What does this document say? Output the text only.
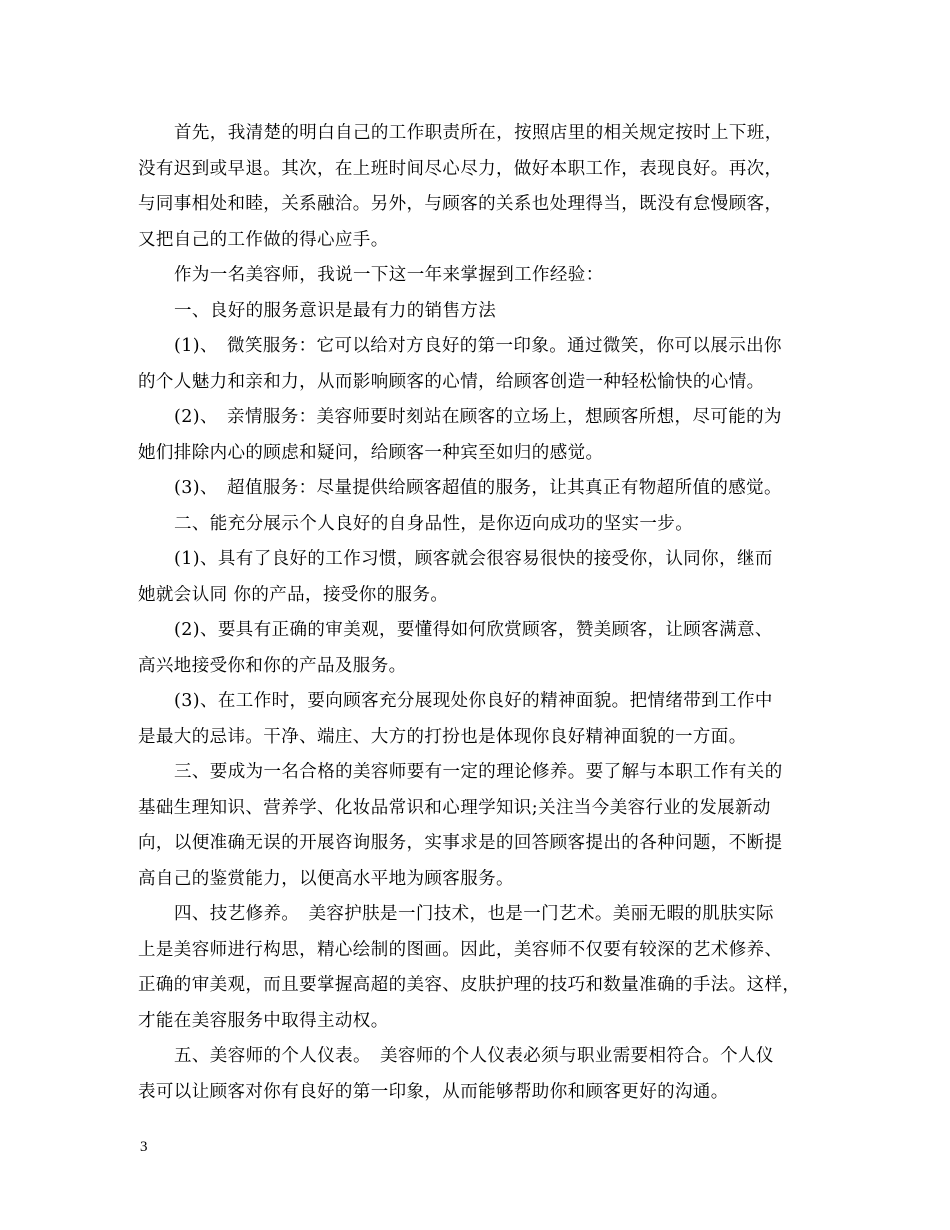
首先，我清楚的明白自己的工作职责所在，按照店里的相关规定按时上下班，
没有迟到或早退。其次，在上班时间尽心尽力，做好本职工作，表现良好。再次，
与同事相处和睦，关系融洽。另外，与顾客的关系也处理得当，既没有怠慢顾客，
又把自己的工作做的得心应手。
作为一名美容师，我说一下这一年来掌握到工作经验：
一、良好的服务意识是最有力的销售方法
(1)、　微笑服务：它可以给对方良好的第一印象。通过微笑，你可以展示出你
的个人魅力和亲和力，从而影响顾客的心情，给顾客创造一种轻松愉快的心情。
(2)、　亲情服务：美容师要时刻站在顾客的立场上，想顾客所想，尽可能的为
她们排除内心的顾虑和疑问，给顾客一种宾至如归的感觉。
(3)、　超值服务：尽量提供给顾客超值的服务，让其真正有物超所值的感觉。
二、能充分展示个人良好的自身品性，是你迈向成功的坚实一步。
(1)、具有了良好的工作习惯，顾客就会很容易很快的接受你，认同你，继而
她就会认同 你的产品，接受你的服务。
(2)、要具有正确的审美观，要懂得如何欣赏顾客，赞美顾客，让顾客满意、
高兴地接受你和你的产品及服务。
(3)、在工作时，要向顾客充分展现处你良好的精神面貌。把情绪带到工作中
是最大的忌讳。干净、端庄、大方的打扮也是体现你良好精神面貌的一方面。
三、要成为一名合格的美容师要有一定的理论修养。要了解与本职工作有关的
基础生理知识、营养学、化妆品常识和心理学知识;关注当今美容行业的发展新动
向，以便准确无误的开展咨询服务，实事求是的回答顾客提出的各种问题，不断提
高自己的鉴赏能力，以便高水平地为顾客服务。
四、技艺修养。　美容护肤是一门技术，也是一门艺术。美丽无暇的肌肤实际
上是美容师进行构思，精心绘制的图画。因此，美容师不仅要有较深的艺术修养、
正确的审美观，而且要掌握高超的美容、皮肤护理的技巧和数量准确的手法。这样，
才能在美容服务中取得主动权。
五、美容师的个人仪表。　美容师的个人仪表必须与职业需要相符合。个人仪
表可以让顾客对你有良好的第一印象，从而能够帮助你和顾客更好的沟通。
3
